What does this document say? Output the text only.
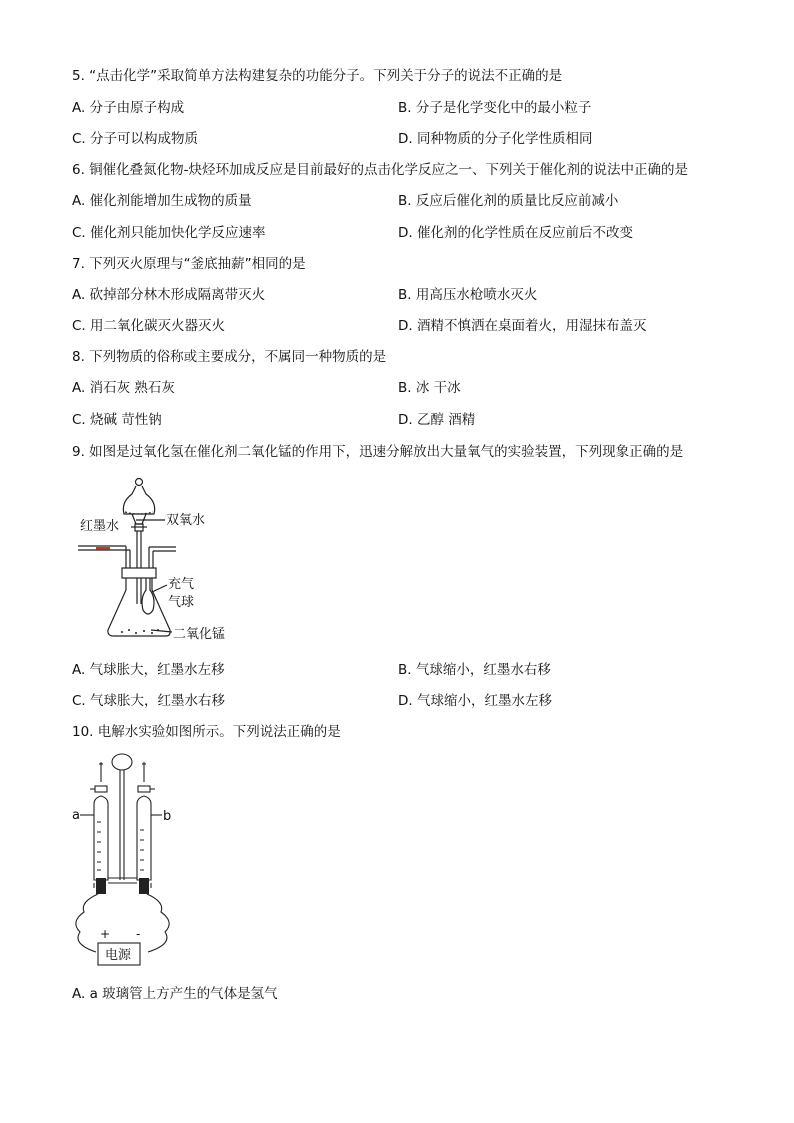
5. “点击化学”采取简单方法构建复杂的功能分子。下列关于分子的说法不正确的是
A. 分子由原子构成	B. 分子是化学变化中的最小粒子
C. 分子可以构成物质	D. 同种物质的分子化学性质相同
6. 铜催化叠氮化物-炔烃环加成反应是目前最好的点击化学反应之一、下列关于催化剂的说法中正确的是
A. 催化剂能增加生成物的质量	B. 反应后催化剂的质量比反应前减小
C. 催化剂只能加快化学反应速率	D. 催化剂的化学性质在反应前后不改变
7. 下列灭火原理与“釜底抽薪”相同的是
A. 砍掉部分林木形成隔离带灭火	B. 用高压水枪喷水灭火
C. 用二氧化碳灭火器灭火	D. 酒精不慎洒在桌面着火，用湿抹布盖灭
8. 下列物质的俗称或主要成分，不属同一种物质的是
A. 消石灰 熟石灰	B. 冰 干冰
C. 烧碱 苛性钠	D. 乙醇 酒精
9. 如图是过氧化氢在催化剂二氧化锰的作用下，迅速分解放出大量氧气的实验装置，下列现象正确的是
红墨水	双氧水
充气
气球
二氧化锰
A. 气球胀大，红墨水左移	B. 气球缩小，红墨水右移
C. 气球胀大，红墨水右移	D. 气球缩小，红墨水左移
10. 电解水实验如图所示。下列说法正确的是
a	b
+ -
电源
A. a 玻璃管上方产生的气体是氢气
